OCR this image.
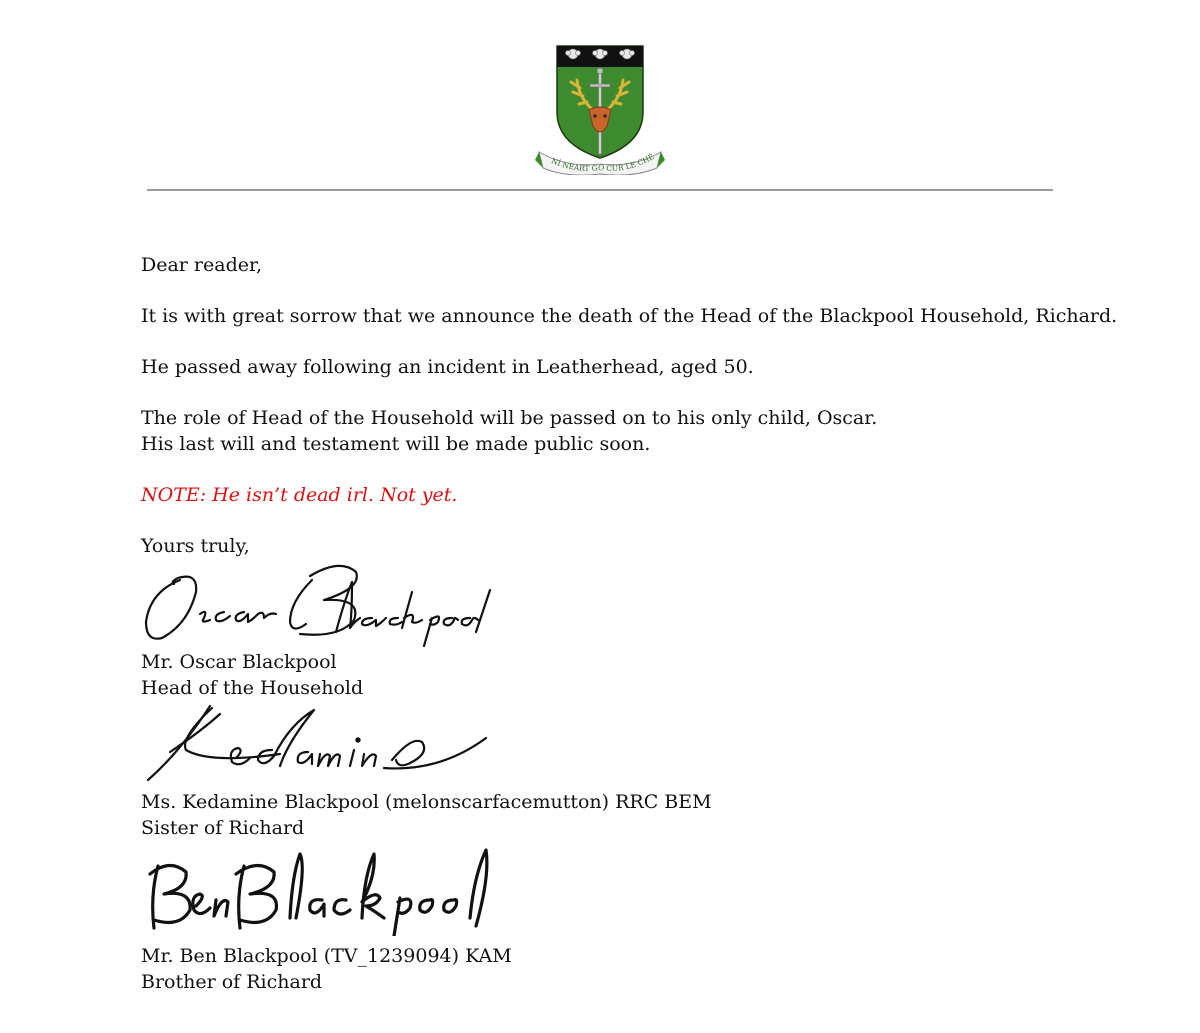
NÍ NEART GO CUR LE CHÉ

Dear reader,

It is with great sorrow that we announce the death of the Head of the Blackpool Household, Richard.

He passed away following an incident in Leatherhead, aged 50.

The role of Head of the Household will be passed on to his only child, Oscar.

His last will and testament will be made public soon.

NOTE: He isn’t dead irl. Not yet.

Yours truly,

Mr. Oscar Blackpool
Head of the Household
Ms. Kedamine Blackpool (melonscarfacemutton) RRC BEM
Sister of Richard
Mr. Ben Blackpool (TV_1239094) KAM
Brother of Richard
